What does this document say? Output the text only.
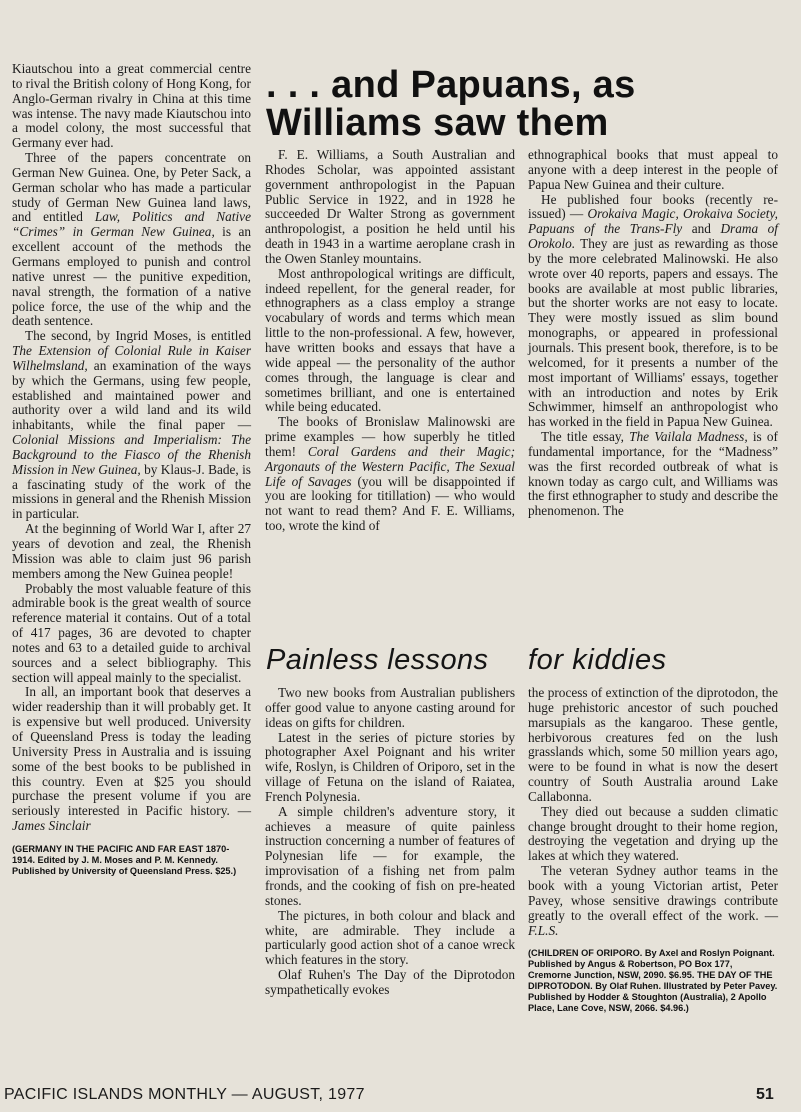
Kiautschou into a great commercial centre to rival the British colony of Hong Kong, for Anglo-German rivalry in China at this time was intense. The navy made Kiautschou into a model colony, the most successful that Germany ever had.

Three of the papers concentrate on German New Guinea. One, by Peter Sack, a German scholar who has made a particular study of German New Guinea land laws, and entitled Law, Politics and Native “Crimes” in German New Guinea, is an excellent account of the methods the Germans employed to punish and control native unrest — the punitive expedition, naval strength, the formation of a native police force, the use of the whip and the death sentence.

The second, by Ingrid Moses, is entitled The Extension of Colonial Rule in Kaiser Wilhelmsland, an examination of the ways by which the Germans, using few people, established and maintained power and authority over a wild land and its wild inhabitants, while the final paper — Colonial Missions and Imperialism: The Background to the Fiasco of the Rhenish Mission in New Guinea, by Klaus-J. Bade, is a fascinating study of the work of the missions in general and the Rhenish Mission in particular.

At the beginning of World War I, after 27 years of devotion and zeal, the Rhenish Mission was able to claim just 96 parish members among the New Guinea people!

Probably the most valuable feature of this admirable book is the great wealth of source reference material it contains. Out of a total of 417 pages, 36 are devoted to chapter notes and 63 to a detailed guide to archival sources and a select bibliography. This section will appeal mainly to the specialist.

In all, an important book that deserves a wider readership than it will probably get. It is expensive but well produced. University of Queensland Press is today the leading University Press in Australia and is issuing some of the best books to be published in this country. Even at $25 you should purchase the present volume if you are seriously interested in Pacific history. — James Sinclair

(GERMANY IN THE PACIFIC AND FAR EAST 1870-1914. Edited by J. M. Moses and P. M. Kennedy. Published by University of Queensland Press. $25.)
. . . and Papuans, as
Williams saw them

F. E. Williams, a South Australian and Rhodes Scholar, was appointed assistant government anthropologist in the Papuan Public Service in 1922, and in 1928 he succeeded Dr Walter Strong as government anthropologist, a position he held until his death in 1943 in a wartime aeroplane crash in the Owen Stanley mountains.

Most anthropological writings are difficult, indeed repellent, for the general reader, for ethnographers as a class employ a strange vocabulary of words and terms which mean little to the non-professional. A few, however, have written books and essays that have a wide appeal — the personality of the author comes through, the language is clear and sometimes brilliant, and one is entertained while being educated.

The books of Bronislaw Malinowski are prime examples — how superbly he titled them! Coral Gardens and their Magic; Argonauts of the Western Pacific, The Sexual Life of Savages (you will be disappointed if you are looking for titillation) — who would not want to read them? And F. E. Williams, too, wrote the kind of

ethnographical books that must appeal to anyone with a deep interest in the people of Papua New Guinea and their culture.

He published four books (recently re-issued) — Orokaiva Magic, Orokaiva Society, Papuans of the Trans-Fly and Drama of Orokolo. They are just as rewarding as those by the more celebrated Malinowski. He also wrote over 40 reports, papers and essays. The books are available at most public libraries, but the shorter works are not easy to locate. They were mostly issued as slim bound monographs, or appeared in professional journals. This present book, therefore, is to be welcomed, for it presents a number of the most important of Williams' essays, together with an introduction and notes by Erik Schwimmer, himself an anthropologist who has worked in the field in Papua New Guinea.

The title essay, The Vailala Madness, is of fundamental importance, for the “Madness” was the first recorded outbreak of what is known today as cargo cult, and Williams was the first ethnographer to study and describe the phenomenon. The

Painless lessons for kiddies

Two new books from Australian publishers offer good value to anyone casting around for ideas on gifts for children.

Latest in the series of picture stories by photographer Axel Poignant and his writer wife, Roslyn, is Children of Oriporo, set in the village of Fetuna on the island of Raiatea, French Polynesia.

A simple children's adventure story, it achieves a measure of quite painless instruction concerning a number of features of Polynesian life — for example, the improvisation of a fishing net from palm fronds, and the cooking of fish on pre-heated stones.

The pictures, in both colour and black and white, are admirable. They include a particularly good action shot of a canoe wreck which features in the story.

Olaf Ruhen's The Day of the Diprotodon sympathetically evokes

the process of extinction of the diprotodon, the huge prehistoric ancestor of such pouched marsupials as the kangaroo. These gentle, herbivorous creatures fed on the lush grasslands which, some 50 million years ago, were to be found in what is now the desert country of South Australia around Lake Callabonna.

They died out because a sudden climatic change brought drought to their home region, destroying the vegetation and drying up the lakes at which they watered.

The veteran Sydney author teams in the book with a young Victorian artist, Peter Pavey, whose sensitive drawings contribute greatly to the overall effect of the work. — F.L.S.

(CHILDREN OF ORIPORO. By Axel and Roslyn Poignant. Published by Angus & Robertson, PO Box 177, Cremorne Junction, NSW, 2090. $6.95. THE DAY OF THE DIPROTODON. By Olaf Ruhen. Illustrated by Peter Pavey. Published by Hodder & Stoughton (Australia), 2 Apollo Place, Lane Cove, NSW, 2066. $4.96.)
PACIFIC ISLANDS MONTHLY — AUGUST, 1977	51
